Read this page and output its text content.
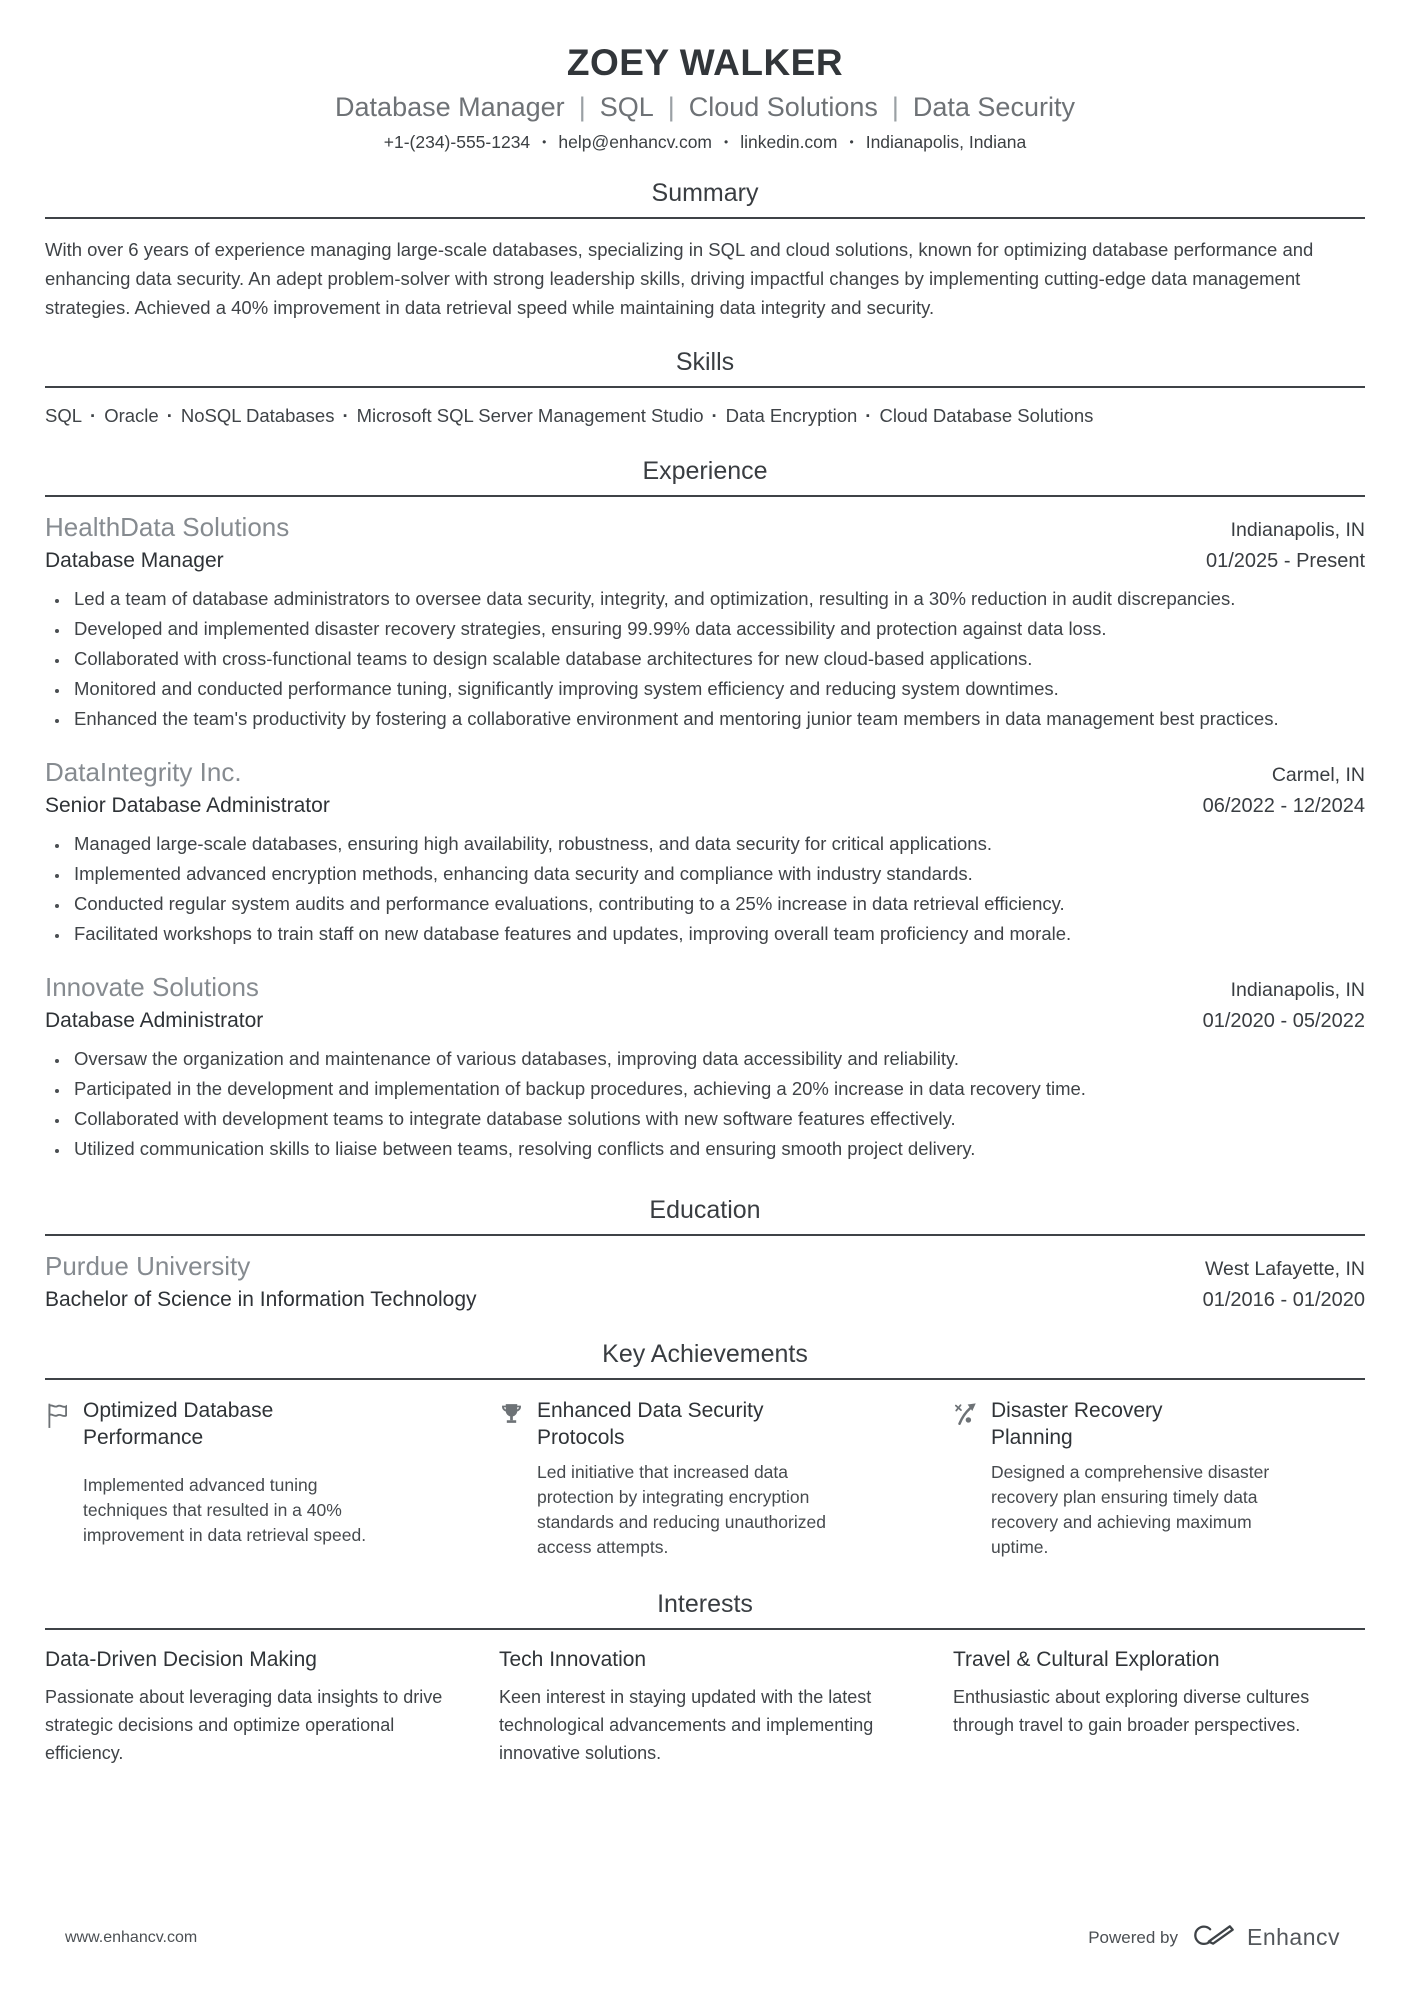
ZOEY WALKER
Database Manager | SQL | Cloud Solutions | Data Security
+1-(234)-555-1234 • help@enhancv.com • linkedin.com • Indianapolis, Indiana
Summary

With over 6 years of experience managing large-scale databases, specializing in SQL and cloud solutions, known for optimizing database performance and enhancing data security. An adept problem-solver with strong leadership skills, driving impactful changes by implementing cutting-edge data management strategies. Achieved a 40% improvement in data retrieval speed while maintaining data integrity and security.

Skills
SQL · Oracle · NoSQL Databases · Microsoft SQL Server Management Studio · Data Encryption · Cloud Database Solutions
Experience
HealthData Solutions	Indianapolis, IN
Database Manager	01/2025 - Present
• Led a team of database administrators to oversee data security, integrity, and optimization, resulting in a 30% reduction in audit discrepancies.
• Developed and implemented disaster recovery strategies, ensuring 99.99% data accessibility and protection against data loss.
• Collaborated with cross-functional teams to design scalable database architectures for new cloud-based applications.
• Monitored and conducted performance tuning, significantly improving system efficiency and reducing system downtimes.
• Enhanced the team's productivity by fostering a collaborative environment and mentoring junior team members in data management best practices.
DataIntegrity Inc.	Carmel, IN
Senior Database Administrator	06/2022 - 12/2024
• Managed large-scale databases, ensuring high availability, robustness, and data security for critical applications.
• Implemented advanced encryption methods, enhancing data security and compliance with industry standards.
• Conducted regular system audits and performance evaluations, contributing to a 25% increase in data retrieval efficiency.
• Facilitated workshops to train staff on new database features and updates, improving overall team proficiency and morale.
Innovate Solutions	Indianapolis, IN
Database Administrator	01/2020 - 05/2022
• Oversaw the organization and maintenance of various databases, improving data accessibility and reliability.
• Participated in the development and implementation of backup procedures, achieving a 20% increase in data recovery time.
• Collaborated with development teams to integrate database solutions with new software features effectively.
• Utilized communication skills to liaise between teams, resolving conflicts and ensuring smooth project delivery.
Education
Purdue University	West Lafayette, IN
Bachelor of Science in Information Technology	01/2016 - 01/2020
Key Achievements
Optimized Database Performance
Implemented advanced tuning techniques that resulted in a 40% improvement in data retrieval speed.
Enhanced Data Security Protocols
Led initiative that increased data protection by integrating encryption standards and reducing unauthorized access attempts.
Disaster Recovery Planning
Designed a comprehensive disaster recovery plan ensuring timely data recovery and achieving maximum uptime.
Interests
Data-Driven Decision Making
Passionate about leveraging data insights to drive strategic decisions and optimize operational efficiency.
Tech Innovation
Keen interest in staying updated with the latest technological advancements and implementing innovative solutions.
Travel & Cultural Exploration
Enthusiastic about exploring diverse cultures through travel to gain broader perspectives.
www.enhancv.com	Powered by	Enhancv
